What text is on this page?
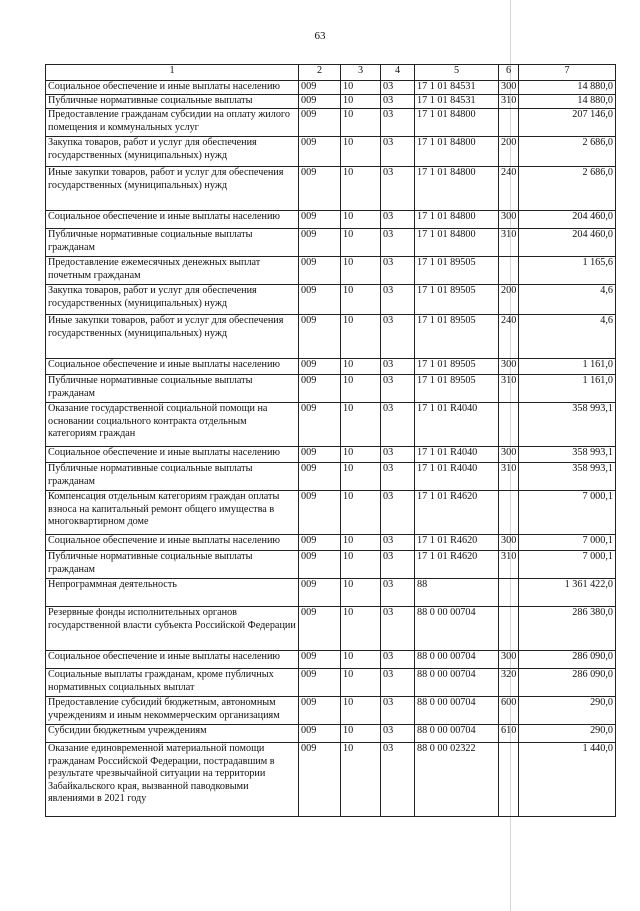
63
1	2	3	4	5	6	7
Социальное обеспечение и иные выплаты населению	009	10	03	17 1 01 84531	300	14 880,0
Публичные нормативные социальные выплаты	009	10	03	17 1 01 84531	310	14 880,0
Предоставление гражданам субсидии на оплату жилого помещения и коммунальных услуг	009	10	03	17 1 01 84800		207 146,0
Закупка товаров, работ и услуг для обеспечения государственных (муниципальных) нужд	009	10	03	17 1 01 84800	200	2 686,0
Иные закупки товаров, работ и услуг для обеспечения государственных (муниципальных) нужд	009	10	03	17 1 01 84800	240	2 686,0
Социальное обеспечение и иные выплаты населению	009	10	03	17 1 01 84800	300	204 460,0
Публичные нормативные социальные выплаты гражданам	009	10	03	17 1 01 84800	310	204 460,0
Предоставление ежемесячных денежных выплат почетным гражданам	009	10	03	17 1 01 89505		1 165,6
Закупка товаров, работ и услуг для обеспечения государственных (муниципальных) нужд	009	10	03	17 1 01 89505	200	4,6
Иные закупки товаров, работ и услуг для обеспечения государственных (муниципальных) нужд	009	10	03	17 1 01 89505	240	4,6
Социальное обеспечение и иные выплаты населению	009	10	03	17 1 01 89505	300	1 161,0
Публичные нормативные социальные выплаты гражданам	009	10	03	17 1 01 89505	310	1 161,0
Оказание государственной социальной помощи на основании социального контракта отдельным категориям граждан	009	10	03	17 1 01 R4040		358 993,1
Социальное обеспечение и иные выплаты населению	009	10	03	17 1 01 R4040	300	358 993,1
Публичные нормативные социальные выплаты гражданам	009	10	03	17 1 01 R4040	310	358 993,1
Компенсация отдельным категориям граждан оплаты взноса на капитальный ремонт общего имущества в многоквартирном доме	009	10	03	17 1 01 R4620		7 000,1
Социальное обеспечение и иные выплаты населению	009	10	03	17 1 01 R4620	300	7 000,1
Публичные нормативные социальные выплаты гражданам	009	10	03	17 1 01 R4620	310	7 000,1
Непрограммная деятельность	009	10	03	88		1 361 422,0
Резервные фонды исполнительных органов государственной власти субъекта Российской Федерации	009	10	03	88 0 00 00704		286 380,0
Социальное обеспечение и иные выплаты населению	009	10	03	88 0 00 00704	300	286 090,0
Социальные выплаты гражданам, кроме публичных нормативных социальных выплат	009	10	03	88 0 00 00704	320	286 090,0
Предоставление субсидий бюджетным, автономным учреждениям и иным некоммерческим организациям	009	10	03	88 0 00 00704	600	290,0
Субсидии бюджетным учреждениям	009	10	03	88 0 00 00704	610	290,0
Оказание единовременной материальной помощи гражданам Российской Федерации, пострадавшим в результате чрезвычайной ситуации на территории Забайкальского края, вызванной паводковыми явлениями в 2021 году	009	10	03	88 0 00 02322		1 440,0
